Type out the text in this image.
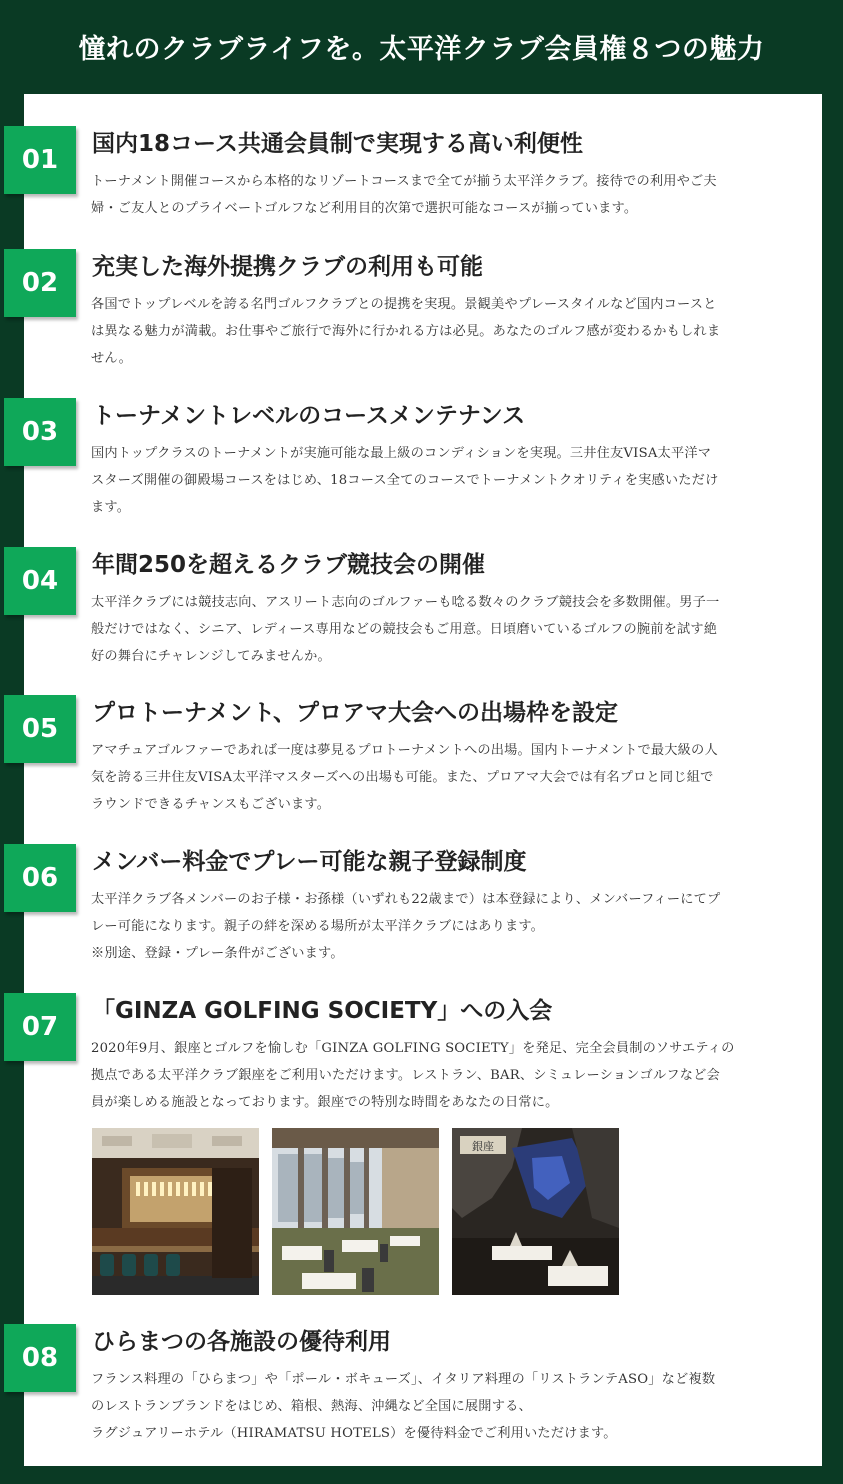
憧れのクラブライフを。太平洋クラブ会員権８つの魅力
01
国内18コース共通会員制で実現する高い利便性

トーナメント開催コースから本格的なリゾートコースまで全てが揃う太平洋クラブ。接待での利用やご夫

婦・ご友人とのプライベートゴルフなど利用目的次第で選択可能なコースが揃っています。

02
充実した海外提携クラブの利用も可能

各国でトップレベルを誇る名門ゴルフクラブとの提携を実現。景観美やプレースタイルなど国内コースと

は異なる魅力が満載。お仕事やご旅行で海外に行かれる方は必見。あなたのゴルフ感が変わるかもしれま

せん。

03
トーナメントレベルのコースメンテナンス

国内トップクラスのトーナメントが実施可能な最上級のコンディションを実現。三井住友VISA太平洋マ

スターズ開催の御殿場コースをはじめ、18コース全てのコースでトーナメントクオリティを実感いただけ

ます。

04
年間250を超えるクラブ競技会の開催

太平洋クラブには競技志向、アスリート志向のゴルファーも唸る数々のクラブ競技会を多数開催。男子一

般だけではなく、シニア、レディース専用などの競技会もご用意。日頃磨いているゴルフの腕前を試す絶

好の舞台にチャレンジしてみませんか。

05
プロトーナメント、プロアマ大会への出場枠を設定

アマチュアゴルファーであれば一度は夢見るプロトーナメントへの出場。国内トーナメントで最大級の人

気を誇る三井住友VISA太平洋マスターズへの出場も可能。また、プロアマ大会では有名プロと同じ組で

ラウンドできるチャンスもございます。

06
メンバー料金でプレー可能な親子登録制度

太平洋クラブ各メンバーのお子様・お孫様（いずれも22歳まで）は本登録により、メンバーフィーにてプ

レー可能になります。親子の絆を深める場所が太平洋クラブにはあります。

※別途、登録・プレー条件がございます。

07
「GINZA GOLFING SOCIETY」への入会

2020年9月、銀座とゴルフを愉しむ「GINZA GOLFING SOCIETY」を発足、完全会員制のソサエティの

拠点である太平洋クラブ銀座をご利用いただけます。レストラン、BAR、シミュレーションゴルフなど会

員が楽しめる施設となっております。銀座での特別な時間をあなたの日常に。

銀座
08
ひらまつの各施設の優待利用

フランス料理の「ひらまつ」や「ポール・ボキューズ」、イタリア料理の「リストランテASO」など複数

のレストランブランドをはじめ、箱根、熱海、沖縄など全国に展開する、

ラグジュアリーホテル（HIRAMATSU HOTELS）を優待料金でご利用いただけます。
